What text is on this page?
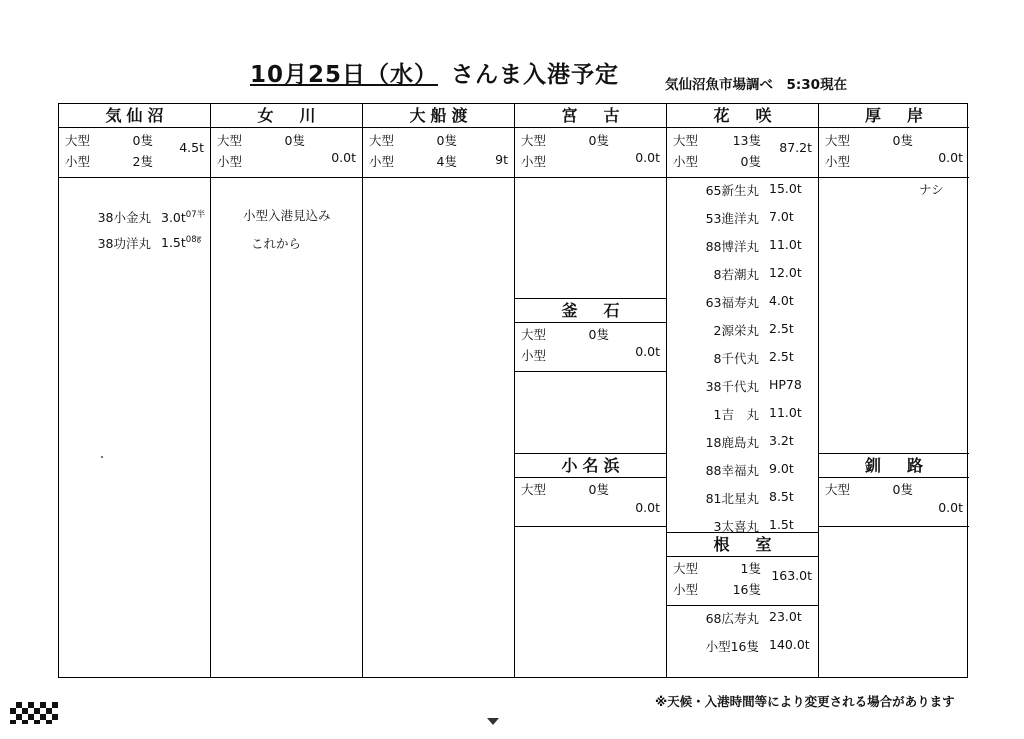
10月25日（水） さんま入港予定	気仙沼魚市場調べ　5:30現在
気仙沼
大型	0隻
小型	2隻
4.5t
38小金丸 $3.0t^{07半}$
38功洋丸 $1.5t^{08ह}$
女　川
大型	0隻
小型	0.0t
小型入港見込み
これから
大船渡
大型	0隻
小型	4隻	9t
宮　古
大型	0隻
小型	0.0t
釜　石
大型	0隻
小型	0.0t
小名浜
大型	0隻
0.0t
花　咲
大型	13隻
小型	0隻
87.2t
65新生丸 15.0t
53進洋丸 7.0t
88博洋丸 11.0t
8若潮丸 12.0t
63福寿丸 4.0t
2源栄丸 2.5t
8千代丸 2.5t
38千代丸 HP78
1吉　丸 11.0t
18鹿島丸 3.2t
88幸福丸 9.0t
81北星丸 8.5t
3太喜丸 1.5t
根　室
大型	1隻
小型	16隻
163.0t
68広寿丸 23.0t
小型16隻 140.0t
厚　岸
大型	0隻
小型	0.0t
ナシ
釧　路
大型	0隻
0.0t
※天候・入港時間等により変更される場合があります
